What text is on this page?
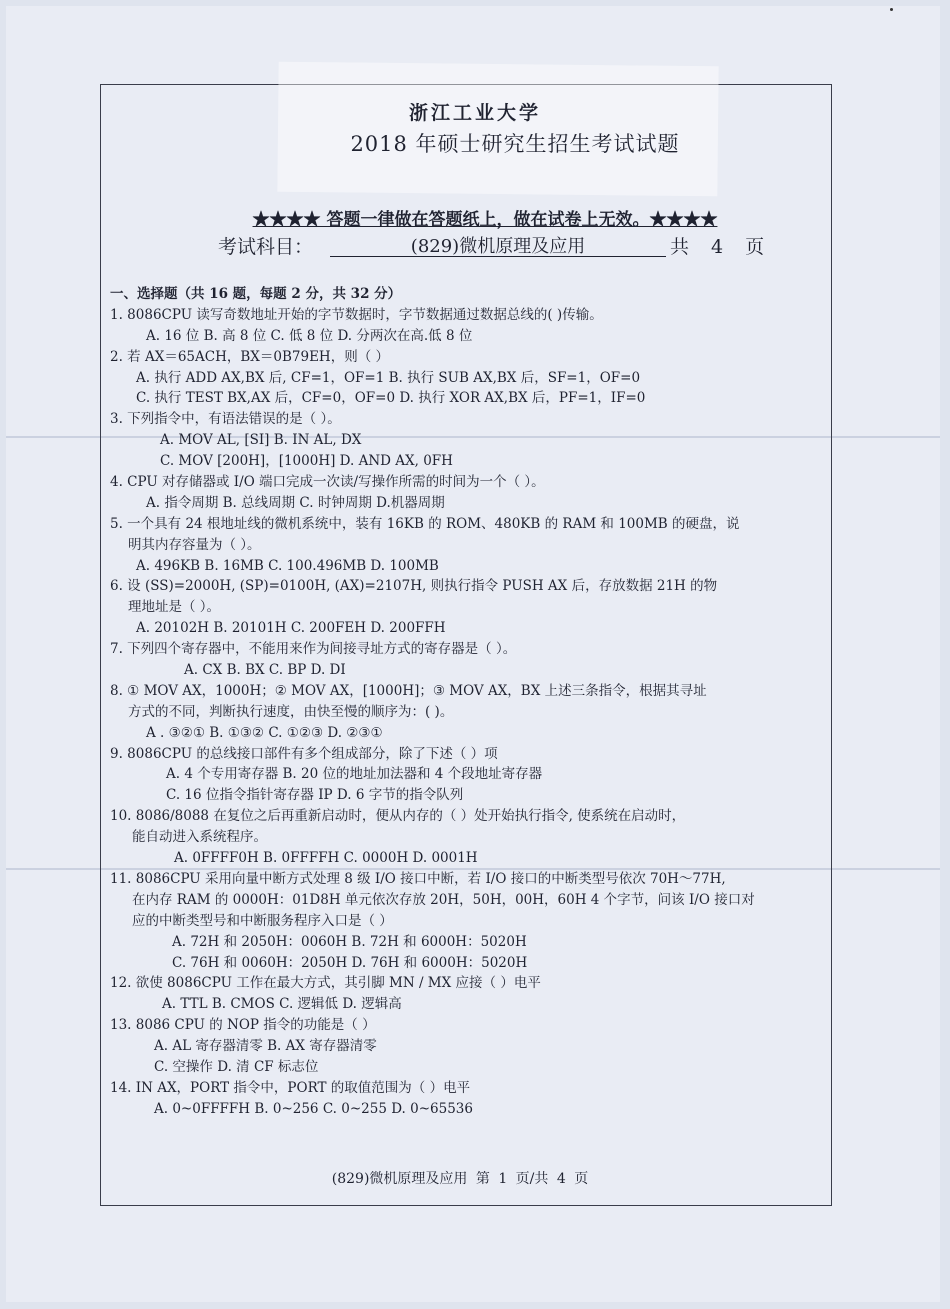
浙江工业大学
2018 年硕士研究生招生考试试题
★★★★ 答题一律做在答题纸上，做在试卷上无效。★★★★
考试科目：	(829)微机原理及应用	共 4 页
一、选择题（共 16 题，每题 2 分，共 32 分）
1. 8086CPU 读写奇数地址开始的字节数据时，字节数据通过数据总线的( )传输。
A. 16 位 B. 高 8 位 C. 低 8 位 D. 分两次在高.低 8 位
2. 若 AX＝65ACH，BX＝0B79EH，则（ ）
A. 执行 ADD AX,BX 后, CF=1，OF=1 B. 执行 SUB AX,BX 后，SF=1，OF=0
C. 执行 TEST BX,AX 后，CF=0，OF=0 D. 执行 XOR AX,BX 后，PF=1，IF=0
3. 下列指令中，有语法错误的是（ ）。
A. MOV AL, [SI] B. IN AL, DX
C. MOV [200H]，[1000H] D. AND AX, 0FH
4. CPU 对存储器或 I/O 端口完成一次读/写操作所需的时间为一个（ ）。
A. 指令周期 B. 总线周期 C. 时钟周期 D.机器周期
5. 一个具有 24 根地址线的微机系统中，装有 16KB 的 ROM、480KB 的 RAM 和 100MB 的硬盘，说
明其内存容量为（ ）。
A. 496KB B. 16MB C. 100.496MB D. 100MB
6. 设 (SS)=2000H, (SP)=0100H, (AX)=2107H, 则执行指令 PUSH AX 后，存放数据 21H 的物
理地址是（ ）。
A. 20102H B. 20101H C. 200FEH D. 200FFH
7. 下列四个寄存器中，不能用来作为间接寻址方式的寄存器是（ ）。
A. CX B. BX C. BP D. DI
8. ① MOV AX，1000H；② MOV AX，[1000H]；③ MOV AX，BX 上述三条指令，根据其寻址
方式的不同，判断执行速度，由快至慢的顺序为：( )。
A . ③②① B. ①③② C. ①②③ D. ②③①
9. 8086CPU 的总线接口部件有多个组成部分，除了下述（ ）项
A. 4 个专用寄存器 B. 20 位的地址加法器和 4 个段地址寄存器
C. 16 位指令指针寄存器 IP D. 6 字节的指令队列
10. 8086/8088 在复位之后再重新启动时，便从内存的（ ）处开始执行指令, 使系统在启动时，
能自动进入系统程序。
A. 0FFFF0H B. 0FFFFH C. 0000H D. 0001H
11. 8086CPU 采用向量中断方式处理 8 级 I/O 接口中断，若 I/O 接口的中断类型号依次 70H～77H,
在内存 RAM 的 0000H：01D8H 单元依次存放 20H，50H，00H，60H 4 个字节，问该 I/O 接口对
应的中断类型号和中断服务程序入口是（ ）
A. 72H 和 2050H：0060H B. 72H 和 6000H：5020H
C. 76H 和 0060H：2050H D. 76H 和 6000H：5020H
12. 欲使 8086CPU 工作在最大方式，其引脚 MN / MX 应接（ ）电平
A. TTL B. CMOS C. 逻辑低 D. 逻辑高
13. 8086 CPU 的 NOP 指令的功能是（ ）
A. AL 寄存器清零 B. AX 寄存器清零
C. 空操作 D. 清 CF 标志位
14. IN AX，PORT 指令中，PORT 的取值范围为（ ）电平
A. 0~0FFFFH B. 0~256 C. 0~255 D. 0~65536
(829)微机原理及应用 第 1 页/共 4 页
